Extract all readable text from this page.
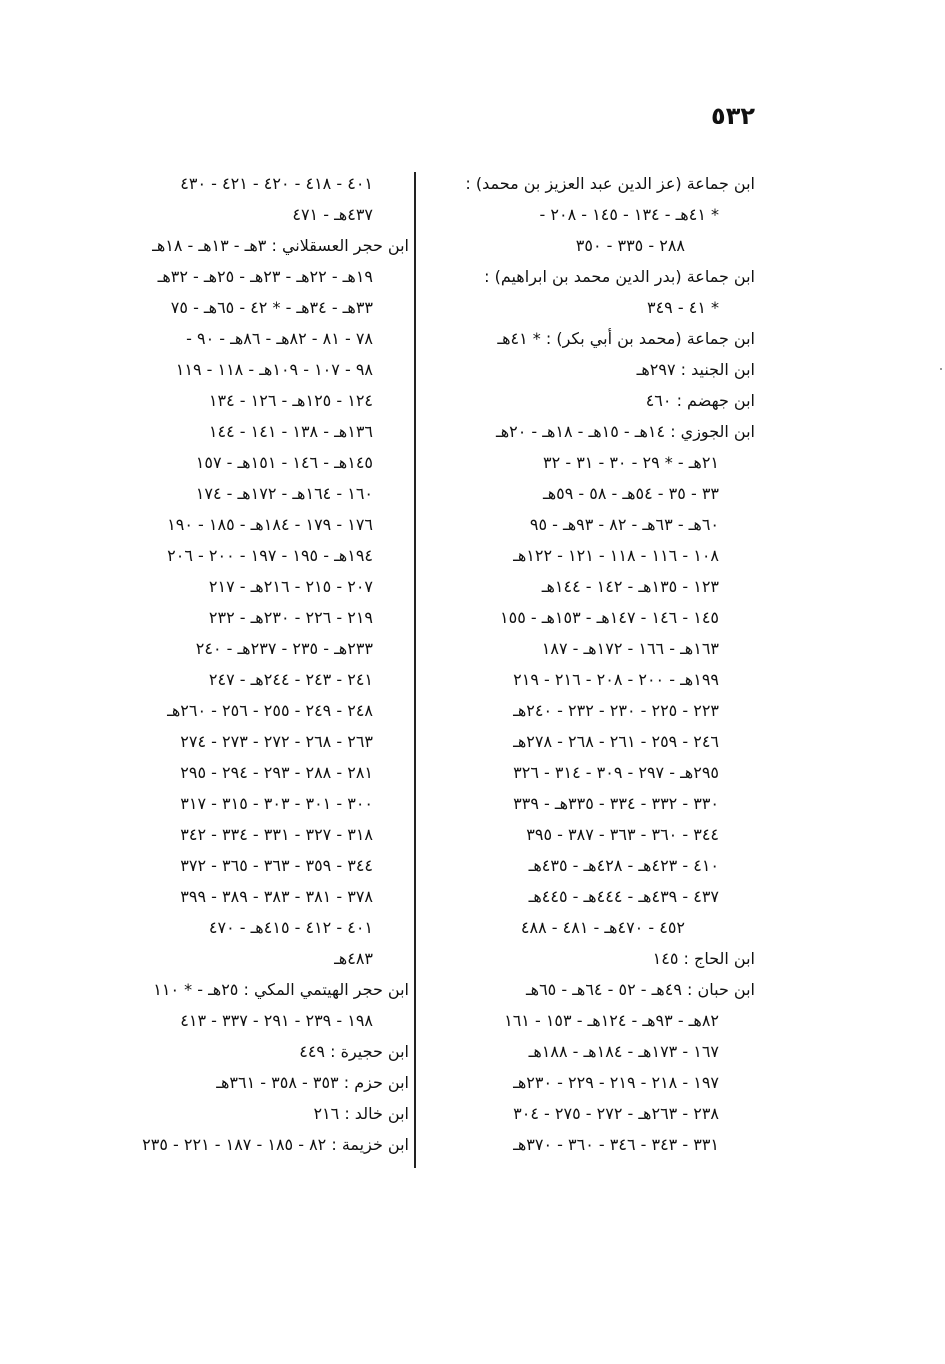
٥٣٢
ابن جماعة (عز الدين عبد العزيز بن محمد) :
* ٤١هـ - ١٣٤ - ١٤٥ - ٢٠٨ -
٢٨٨ - ٣٣٥ - ٣٥٠
ابن جماعة (بدر الدين محمد بن ابراهيم) :
* ٤١ - ٣٤٩
ابن جماعة (محمد بن أبي بكر) : * ٤١هـ
ابن الجنيد : ٢٩٧هـ
ابن جهضم : ٤٦٠
ابن الجوزي : ١٤هـ - ١٥هـ - ١٨هـ - ٢٠هـ
٢١هـ - * ٢٩ - ٣٠ - ٣١ - ٣٢
٣٣ - ٣٥ - ٥٤هـ - ٥٨ - ٥٩هـ
٦٠هـ - ٦٣هـ - ٨٢ - ٩٣هـ - ٩٥
١٠٨ - ١١٦ - ١١٨ - ١٢١ - ١٢٢هـ
١٢٣ - ١٣٥هـ - ١٤٢ - ١٤٤هـ
١٤٥ - ١٤٦ - ١٤٧هـ - ١٥٣هـ - ١٥٥
١٦٣هـ - ١٦٦ - ١٧٢هـ - ١٨٧
١٩٩هـ - ٢٠٠ - ٢٠٨ - ٢١٦ - ٢١٩
٢٢٣ - ٢٢٥ - ٢٣٠ - ٢٣٢ - ٢٤٠هـ
٢٤٦ - ٢٥٩ - ٢٦١ - ٢٦٨ - ٢٧٨هـ
٢٩٥هـ - ٢٩٧ - ٣٠٩ - ٣١٤ - ٣٢٦
٣٣٠ - ٣٣٢ - ٣٣٤ - ٣٣٥هـ - ٣٣٩
٣٤٤ - ٣٦٠ - ٣٦٣ - ٣٨٧ - ٣٩٥
٤١٠ - ٤٢٣هـ - ٤٢٨هـ - ٤٣٥هـ
٤٣٧ - ٤٣٩هـ - ٤٤٤هـ - ٤٤٥هـ
٤٥٢ - ٤٧٠هـ - ٤٨١ - ٤٨٨
ابن الحاج : ١٤٥
ابن حبان : ٤٩هـ - ٥٢ - ٦٤هـ - ٦٥هـ
٨٢هـ - ٩٣هـ - ١٢٤هـ - ١٥٣ - ١٦١
١٦٧ - ١٧٣هـ - ١٨٤هـ - ١٨٨هـ
١٩٧ - ٢١٨ - ٢١٩ - ٢٢٩ - ٢٣٠هـ
٢٣٨ - ٢٦٣هـ - ٢٧٢ - ٢٧٥ - ٣٠٤
٣٣١ - ٣٤٣ - ٣٤٦ - ٣٦٠ - ٣٧٠هـ
٤٠١ - ٤١٨ - ٤٢٠ - ٤٢١ - ٤٣٠
٤٣٧هـ - ٤٧١
ابن حجر العسقلاني : ٣هـ - ١٣هـ - ١٨هـ
١٩هـ - ٢٢هـ - ٢٣هـ - ٢٥هـ - ٣٢هـ
٣٣هـ - ٣٤هـ - * ٤٢ - ٦٥هـ - ٧٥
٧٨ - ٨١ - ٨٢هـ - ٨٦هـ - ٩٠ -
٩٨ - ١٠٧ - ١٠٩هـ - ١١٨ - ١١٩
١٢٤ - ١٢٥هـ - ١٢٦ - ١٣٤
١٣٦هـ - ١٣٨ - ١٤١ - ١٤٤
١٤٥هـ - ١٤٦ - ١٥١هـ - ١٥٧
١٦٠ - ١٦٤هـ - ١٧٢هـ - ١٧٤
١٧٦ - ١٧٩ - ١٨٤هـ - ١٨٥ - ١٩٠
١٩٤هـ - ١٩٥ - ١٩٧ - ٢٠٠ - ٢٠٦
٢٠٧ - ٢١٥ - ٢١٦هـ - ٢١٧
٢١٩ - ٢٢٦ - ٢٣٠هـ - ٢٣٢
٢٣٣هـ - ٢٣٥ - ٢٣٧هـ - ٢٤٠
٢٤١ - ٢٤٣ - ٢٤٤هـ - ٢٤٧
٢٤٨ - ٢٤٩ - ٢٥٥ - ٢٥٦ - ٢٦٠هـ
٢٦٣ - ٢٦٨ - ٢٧٢ - ٢٧٣ - ٢٧٤
٢٨١ - ٢٨٨ - ٢٩٣ - ٢٩٤ - ٢٩٥
٣٠٠ - ٣٠١ - ٣٠٣ - ٣١٥ - ٣١٧
٣١٨ - ٣٢٧ - ٣٣١ - ٣٣٤ - ٣٤٢
٣٤٤ - ٣٥٩ - ٣٦٣ - ٣٦٥ - ٣٧٢
٣٧٨ - ٣٨١ - ٣٨٣ - ٣٨٩ - ٣٩٩
٤٠١ - ٤١٢ - ٤١٥هـ - ٤٧٠
٤٨٣هـ
ابن حجر الهيتمي المكي : ٢٥هـ - * ١١٠
١٩٨ - ٢٣٩ - ٢٩١ - ٣٣٧ - ٤١٣
ابن حجيرة : ٤٤٩
ابن حزم : ٣٥٣ - ٣٥٨ - ٣٦١هـ
ابن خالد : ٢١٦
ابن خزيمة : ٨٢ - ١٨٥ - ١٨٧ - ٢٢١ - ٢٣٥
